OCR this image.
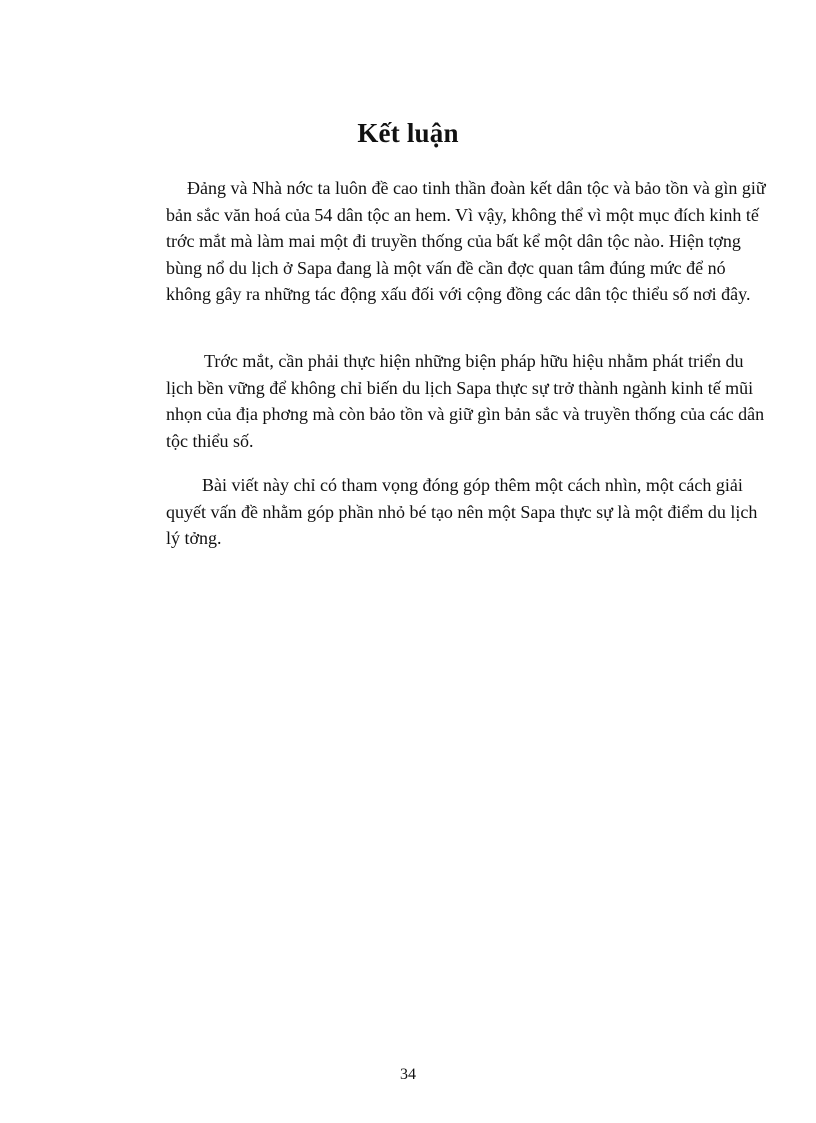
Kết luận

Đảng và Nhà nớc ta luôn đề cao tinh thần đoàn kết dân tộc và bảo tồn và gìn giữ bản sắc văn hoá của 54 dân tộc an hem. Vì vậy, không thể vì một mục đích kinh tế trớc mắt mà làm mai một đi truyền thống của bất kể một dân tộc nào. Hiện tợng bùng nổ du lịch ở Sapa đang là một vấn đề cần đợc quan tâm đúng mức để nó không gây ra những tác động xấu đối với cộng đồng các dân tộc thiểu số nơi đây.

Trớc mắt, cần phải thực hiện những biện pháp hữu hiệu nhằm phát triển du lịch bền vững để không chỉ biến du lịch Sapa thực sự trở thành ngành kinh tế mũi nhọn của địa phơng mà còn bảo tồn và giữ gìn bản sắc và truyền thống của các dân tộc thiểu số.

Bài viết này chỉ có tham vọng đóng góp thêm một cách nhìn, một cách giải quyết vấn đề nhằm góp phần nhỏ bé tạo nên một Sapa thực sự là một điểm du lịch lý tởng.

34
